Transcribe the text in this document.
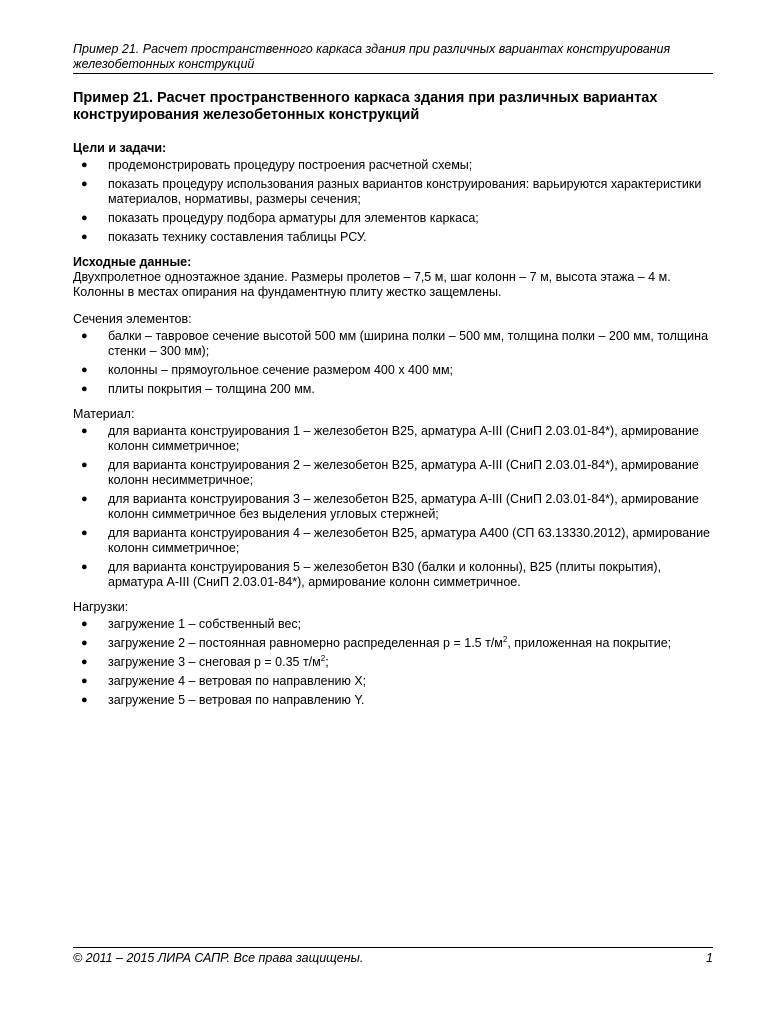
Пример 21. Расчет пространственного каркаса здания при различных вариантах конструирования железобетонных конструкций
Пример 21. Расчет пространственного каркаса здания при различных вариантах конструирования железобетонных конструкций

Цели и задачи:

● продемонстрировать процедуру построения расчетной схемы;
● показать процедуру использования разных вариантов конструирования: варьируются характеристики материалов, нормативы, размеры сечения;
● показать процедуру подбора арматуры для элементов каркаса;
● показать технику составления таблицы РСУ.

Исходные данные:

Двухпролетное одноэтажное здание. Размеры пролетов – 7,5 м, шаг колонн – 7 м, высота этажа – 4 м. Колонны в местах опирания на фундаментную плиту жестко защемлены.

Сечения элементов:

● балки – тавровое сечение высотой 500 мм (ширина полки – 500 мм, толщина полки – 200 мм, толщина стенки – 300 мм);
● колонны – прямоугольное сечение размером 400 x 400 мм;
● плиты покрытия – толщина 200 мм.

Материал:

● для варианта конструирования 1 – железобетон В25, арматура А-III (СниП 2.03.01-84*), армирование колонн симметричное;
● для варианта конструирования 2 – железобетон В25, арматура А-III (СниП 2.03.01-84*), армирование колонн несимметричное;
● для варианта конструирования 3 – железобетон В25, арматура А-III (СниП 2.03.01-84*), армирование колонн симметричное без выделения угловых стержней;
● для варианта конструирования 4 – железобетон В25, арматура А400 (СП 63.13330.2012), армирование колонн симметричное;
● для варианта конструирования 5 – железобетон В30 (балки и колонны), В25 (плиты покрытия), арматура А-III (СниП 2.03.01-84*), армирование колонн симметричное.

Нагрузки:

● загружение 1 – собственный вес;
● загружение 2 – постоянная равномерно распределенная р = 1.5 $т/м^2$, приложенная на покрытие;
● загружение 3 – снеговая р = 0.35 $т/м^2$;
● загружение 4 – ветровая по направлению X;
● загружение 5 – ветровая по направлению Y.
© 2011 – 2015 ЛИРА САПР. Все права защищены.	1
